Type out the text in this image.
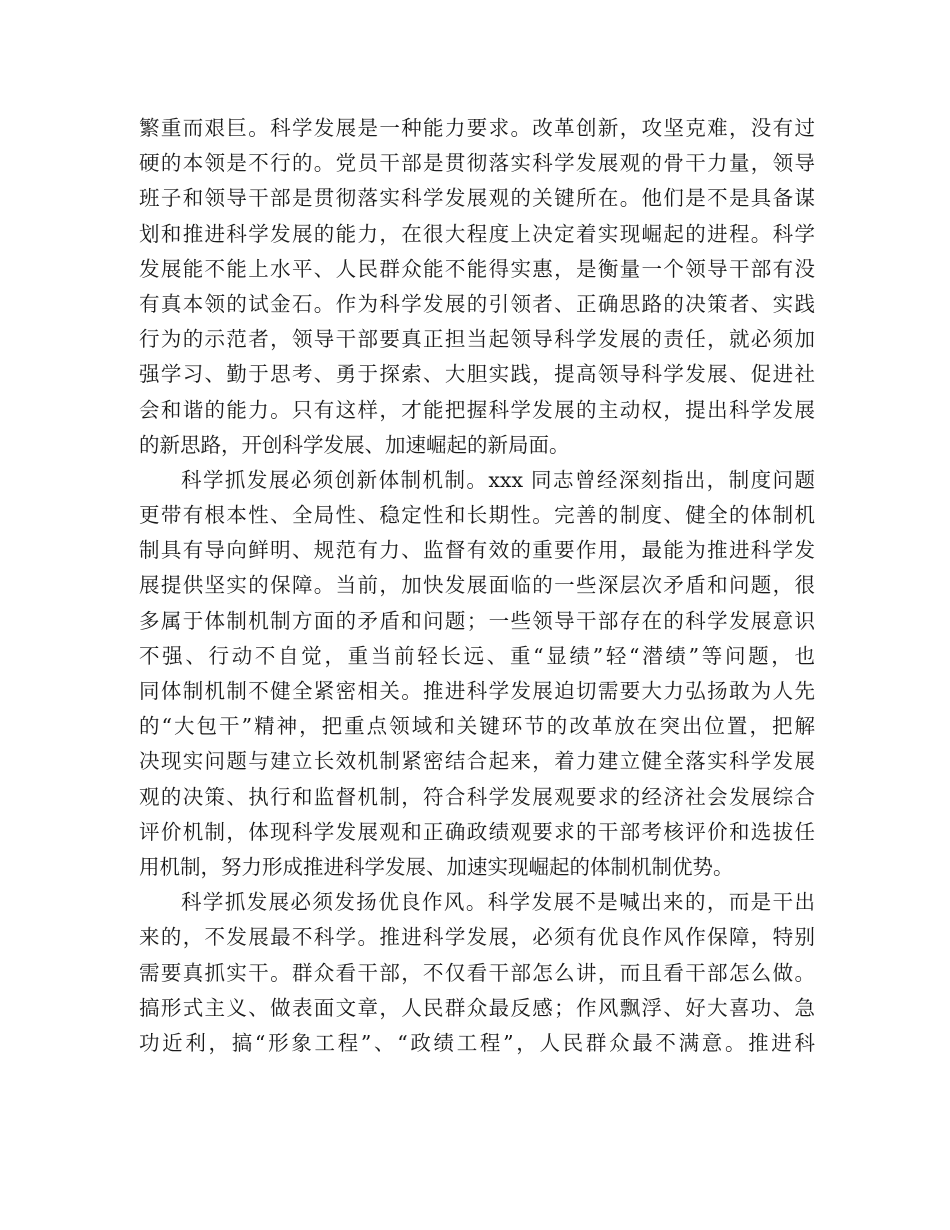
繁重而艰巨。科学发展是一种能力要求。改革创新，攻坚克难，没有过
硬的本领是不行的。党员干部是贯彻落实科学发展观的骨干力量，领导
班子和领导干部是贯彻落实科学发展观的关键所在。他们是不是具备谋
划和推进科学发展的能力，在很大程度上决定着实现崛起的进程。科学
发展能不能上水平、人民群众能不能得实惠，是衡量一个领导干部有没
有真本领的试金石。作为科学发展的引领者、正确思路的决策者、实践
行为的示范者，领导干部要真正担当起领导科学发展的责任，就必须加
强学习、勤于思考、勇于探索、大胆实践，提高领导科学发展、促进社
会和谐的能力。只有这样，才能把握科学发展的主动权，提出科学发展
的新思路，开创科学发展、加速崛起的新局面。

科学抓发展必须创新体制机制。xxx 同志曾经深刻指出，制度问题
更带有根本性、全局性、稳定性和长期性。完善的制度、健全的体制机
制具有导向鲜明、规范有力、监督有效的重要作用，最能为推进科学发
展提供坚实的保障。当前，加快发展面临的一些深层次矛盾和问题，很
多属于体制机制方面的矛盾和问题；一些领导干部存在的科学发展意识
不强、行动不自觉，重当前轻长远、重“显绩”轻“潜绩”等问题，也
同体制机制不健全紧密相关。推进科学发展迫切需要大力弘扬敢为人先
的“大包干”精神，把重点领域和关键环节的改革放在突出位置，把解
决现实问题与建立长效机制紧密结合起来，着力建立健全落实科学发展
观的决策、执行和监督机制，符合科学发展观要求的经济社会发展综合
评价机制，体现科学发展观和正确政绩观要求的干部考核评价和选拔任
用机制，努力形成推进科学发展、加速实现崛起的体制机制优势。

科学抓发展必须发扬优良作风。科学发展不是喊出来的，而是干出
来的，不发展最不科学。推进科学发展，必须有优良作风作保障，特别
需要真抓实干。群众看干部，不仅看干部怎么讲，而且看干部怎么做。
搞形式主义、做表面文章，人民群众最反感；作风飘浮、好大喜功、急
功近利，搞“形象工程”、“政绩工程”，人民群众最不满意。推进科
